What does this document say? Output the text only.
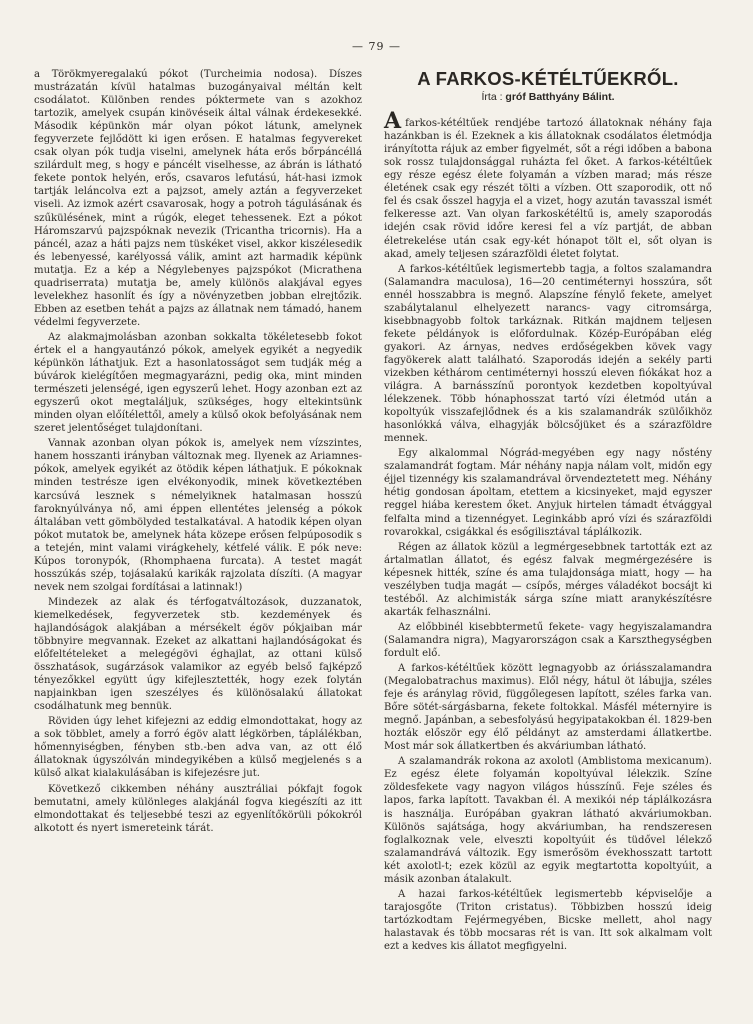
— 79 —

a Törökmyeregalakú pókot (Turcheimia nodosa). Díszes mustrázatán kívül hatalmas buzogányaival méltán kelt csodálatot. Különben rendes póktermete van s azokhoz tartozik, amelyek csupán kinövéseik által válnak érdekesekké. Második képünkön már olyan pókot látunk, amelynek fegyverzete fejlődött ki igen erősen. E hatalmas fegyvereket csak olyan pók tudja viselni, amelynek háta erős bőrpáncéllá szilárdult meg, s hogy e páncélt viselhesse, az ábrán is látható fekete pontok helyén, erős, csavaros lefutású, hát-hasi izmok tartják leláncolva ezt a pajzsot, amely aztán a fegyverzeket viseli. Az izmok azért csavarosak, hogy a potroh tágulásának és szűkülésének, mint a rúgók, eleget tehessenek. Ezt a pókot Háromszarvú pajzspóknak nevezik (Tricantha tricornis). Ha a páncél, azaz a háti pajzs nem tüskéket visel, akkor kiszélesedik és lebenyessé, karélyossá válik, amint azt harmadik képünk mutatja. Ez a kép a Négylebenyes pajzspókot (Micrathena quadriserrata) mutatja be, amely különös alakjával egyes levelekhez hasonlít és így a növényzetben jobban elrejtőzik. Ebben az esetben tehát a pajzs az állatnak nem támadó, hanem védelmi fegyverzete.

Az alakmajmolásban azonban sokkalta tökéletesebb fokot értek el a hangyautánzó pókok, amelyek egyikét a negyedik képünkön láthatjuk. Ezt a hasonlatosságot sem tudják még a búvárok kielégítően megmagyarázni, pedig oka, mint minden természeti jelenségé, igen egyszerű lehet. Hogy azonban ezt az egyszerű okot megtaláljuk, szükséges, hogy eltekintsünk minden olyan előítélettől, amely a külső okok befolyásának nem szeret jelentőséget tulajdonítani.

Vannak azonban olyan pókok is, amelyek nem vízszintes, hanem hosszanti irányban változnak meg. Ilyenek az Ariamnes-pókok, amelyek egyikét az ötödik képen láthatjuk. E pókoknak minden testrésze igen elvékonyodik, minek következtében karcsúvá lesznek s némelyiknek hatalmasan hosszú faroknyúlványa nő, ami éppen ellentétes jelenség a pókok általában vett gömbölyded testalkatával. A hatodik képen olyan pókot mutatok be, amelynek háta közepe erősen felpúposodik s a tetején, mint valami virágkehely, kétfelé válik. E pók neve: Kúpos toronypók, (Rhomphaena furcata). A testet magát hosszúkás szép, tojásalakú karikák rajzolata díszíti. (A magyar nevek nem szolgai fordításai a latinnak!)

Mindezek az alak és térfogatváltozások, duzzanatok, kiemelkedések, fegyverzetek stb. kezdemények és hajlandóságok alakjában a mérsékelt égöv pókjaiban már többnyire megvannak. Ezeket az alkattani hajlandóságokat és előfeltételeket a melegégövi éghajlat, az ottani külső összhatások, sugárzások valamikor az egyéb belső fajképző tényezőkkel együtt úgy kifejlesztették, hogy ezek folytán napjainkban igen szeszélyes és különösalakú állatokat csodálhatunk meg bennük.

Röviden úgy lehet kifejezni az eddig elmondottakat, hogy az a sok többlet, amely a forró égöv alatt légkörben, táplálékban, hőmennyiségben, fényben stb.-ben adva van, az ott élő állatoknak úgyszólván mindegyikében a külső megjelenés s a külső alkat kialakulásában is kifejezésre jut.

Következő cikkemben néhány ausztráliai pókfajt fogok bemutatni, amely különleges alakjánál fogva kiegészíti az itt elmondottakat és teljesebbé teszi az egyenlítőkörüli pókokról alkotott és nyert ismereteink tárát.

A FARKOS-KÉTÉLTŰEKRŐL.
Írta : gróf Batthyány Bálint.

Afarkos-kétéltűek rendjébe tartozó állatoknak néhány faja hazánkban is él. Ezeknek a kis állatoknak csodálatos életmódja irányította rájuk az ember figyelmét, sőt a régi időben a babona sok rossz tulajdonsággal ruházta fel őket. A farkos-kétéltűek egy része egész élete folyamán a vízben marad; más része életének csak egy részét tölti a vízben. Ott szaporodik, ott nő fel és csak ősszel hagyja el a vizet, hogy azután tavasszal ismét felkeresse azt. Van olyan farkoskétéltű is, amely szaporodás idején csak rövid időre keresi fel a víz partját, de abban életrekelése után csak egy-két hónapot tölt el, sőt olyan is akad, amely teljesen szárazföldi életet folytat.

A farkos-kétéltűek legismertebb tagja, a foltos szalamandra (Salamandra maculosa), 16—20 centiméternyi hosszúra, sőt ennél hosszabbra is megnő. Alapszíne fénylő fekete, amelyet szabálytalanul elhelyezett narancs- vagy citromsárga, kisebbnagyobb foltok tarkáznak. Ritkán majdnem teljesen fekete példányok is előfordulnak. Közép-Európában elég gyakori. Az árnyas, nedves erdőségekben kövek vagy fagyökerek alatt található. Szaporodás idején a sekély parti vizekben kéthárom centiméternyi hosszú eleven fiókákat hoz a világra. A barnásszínű porontyok kezdetben kopoltyúval lélekzenek. Több hónaphosszat tartó vízi életmód után a kopoltyúk visszafejlődnek és a kis szalamandrák szülőikhöz hasonlókká válva, elhagyják bölcsőjüket és a szárazföldre mennek.

Egy alkalommal Nógrád-megyében egy nagy nőstény szalamandrát fogtam. Már néhány napja nálam volt, midőn egy éjjel tizennégy kis szalamandrával örvendeztetett meg. Néhány hétig gondosan ápoltam, etettem a kicsinyeket, majd egyszer reggel hiába kerestem őket. Anyjuk hirtelen támadt étvággyal felfalta mind a tizennégyet. Leginkább apró vízi és szárazföldi rovarokkal, csigákkal és esőgilisztával táplálkozik.

Régen az állatok közül a legmérgesebbnek tartották ezt az ártalmatlan állatot, és egész falvak megmérgezésére is képesnek hitték, színe és ama tulajdonsága miatt, hogy — ha veszélyben tudja magát — csípős, mérges váladékot bocsájt ki testéből. Az alchimisták sárga színe miatt aranykészítésre akarták felhasználni.

Az előbbinél kisebbtermetű fekete- vagy hegyiszalamandra (Salamandra nigra), Magyarországon csak a Karszthegységben fordult elő.

A farkos-kétéltűek között legnagyobb az óriásszalamandra (Megalobatrachus maximus). Elől négy, hátul öt lábujja, széles feje és aránylag rövid, függőlegesen lapított, széles farka van. Bőre sötét-sárgásbarna, fekete foltokkal. Másfél méternyire is megnő. Japánban, a sebesfolyású hegyipatakokban él. 1829-ben hozták először egy élő példányt az amsterdami állatkertbe. Most már sok állatkertben és akváriumban látható.

A szalamandrák rokona az axolotl (Amblistoma mexicanum). Ez egész élete folyamán kopoltyúval lélekzik. Színe zöldesfekete vagy nagyon világos hússzínű. Feje széles és lapos, farka lapított. Tavakban él. A mexikói nép táplálkozásra is használja. Európában gyakran látható akváriumokban. Különös sajátsága, hogy akváriumban, ha rendszeresen foglalkoznak vele, elveszti kopoltyúit és tüdővel lélekző szalamandrává változik. Egy ismerősöm évekhosszatt tartott két axolotl-t; ezek közül az egyik megtartotta kopoltyúit, a másik azonban átalakult.

A hazai farkos-kétéltűek legismertebb képviselője a tarajosgőte (Triton cristatus). Többizben hosszú ideig tartózkodtam Fejérmegyében, Bicske mellett, ahol nagy halastavak és több mocsaras rét is van. Itt sok alkalmam volt ezt a kedves kis állatot megfigyelni.
